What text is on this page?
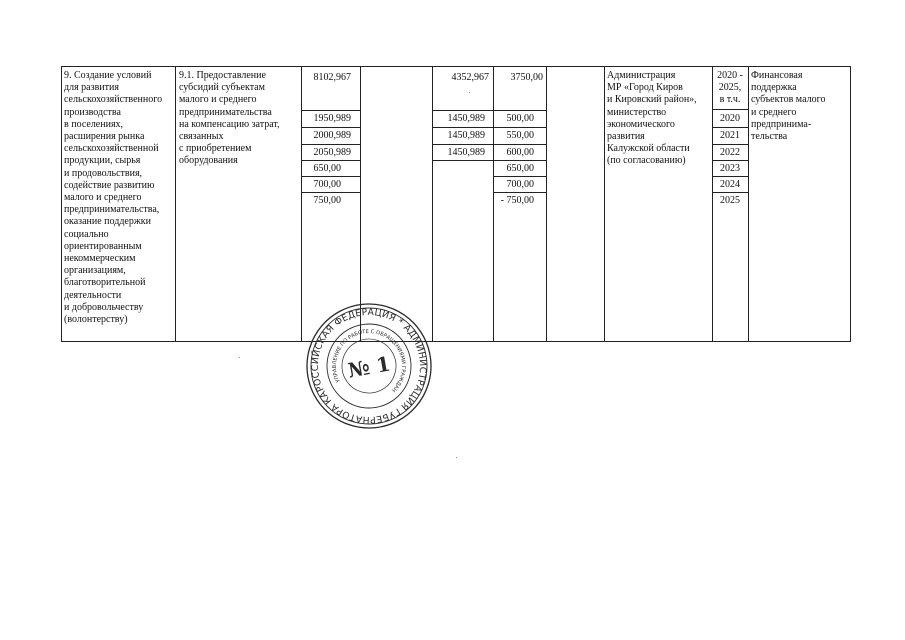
9. Создание условий
для развития
сельскохозяйственного
производства
в поселениях,
расширения рынка
сельскохозяйственной
продукции, сырья
и продовольствия,
содействие развитию
малого и среднего
предпринимательства,
оказание поддержки
социально
ориентированным
некоммерческим
организациям,
благотворительной
деятельности
и добровольчеству
(волонтерству)
9.1. Предоставление
субсидий субъектам
малого и среднего
предпринимательства
на компенсацию затрат,
связанных
с приобретением
оборудования
8102,967
1950,989
2000,989
2050,989
650,00
700,00
750,00
4352,967
1450,989
1450,989
1450,989
3750,00
500,00
550,00
600,00
650,00
700,00
- 750,00
Администрация
МР «Город Киров
и Кировский район»,
министерство
экономического
развития
Калужской области
(по согласованию)
2020 -
2025,
в т.ч.
2020
2021
2022
2023
2024
2025
Финансовая
поддержка
субъектов малого
и среднего
предпринима-
тельства
РОССИЙСКАЯ ФЕДЕРАЦИЯ * АДМИНИСТРАЦИЯ ГУБЕРНАТОРА КАЛУЖСКОЙ
УПРАВЛЕНИЕ ПО РАБОТЕ С ОБРАЩЕНИЯМИ ГРАЖДАН
№ 1
